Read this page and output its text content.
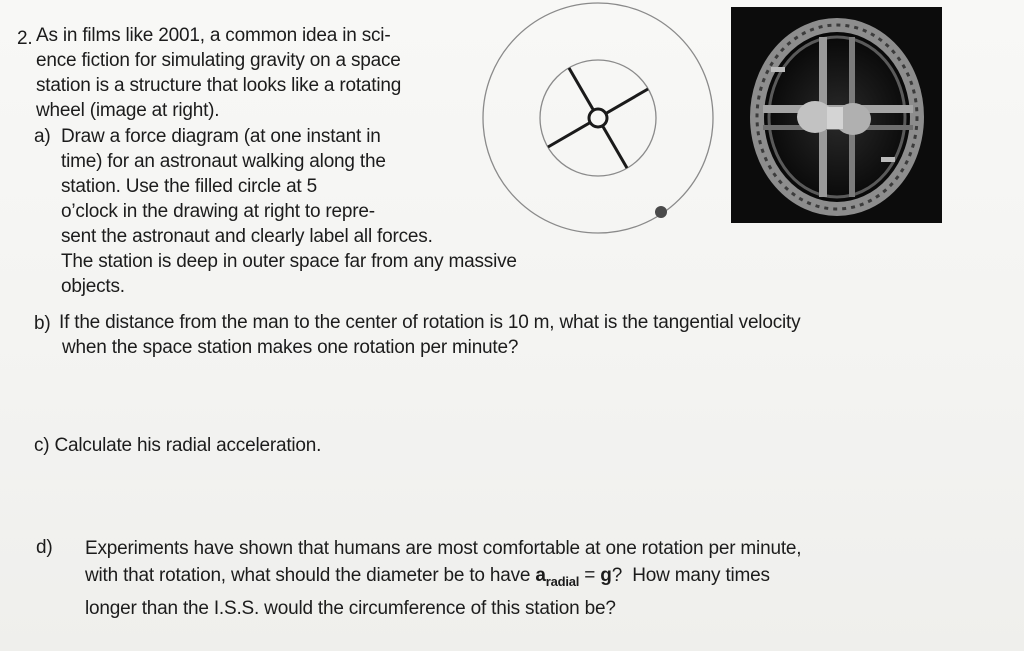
2. As in films like 2001, a common idea in sci-
ence fiction for simulating gravity on a space
station is a structure that looks like a rotating
wheel (image at right).
a) Draw a force diagram (at one instant in
time) for an astronaut walking along the
station. Use the filled circle at 5
o’clock in the drawing at right to repre-
sent the astronaut and clearly label all forces.
The station is deep in outer space far from any massive
objects.
b) If the distance from the man to the center of rotation is 10 m, what is the tangential velocity
when the space station makes one rotation per minute?
c) Calculate his radial acceleration.
d) Experiments have shown that humans are most comfortable at one rotation per minute,
with that rotation, what should the diameter be to have $a_{radial} = g$?  How many times
longer than the I.S.S. would the circumference of this station be?
